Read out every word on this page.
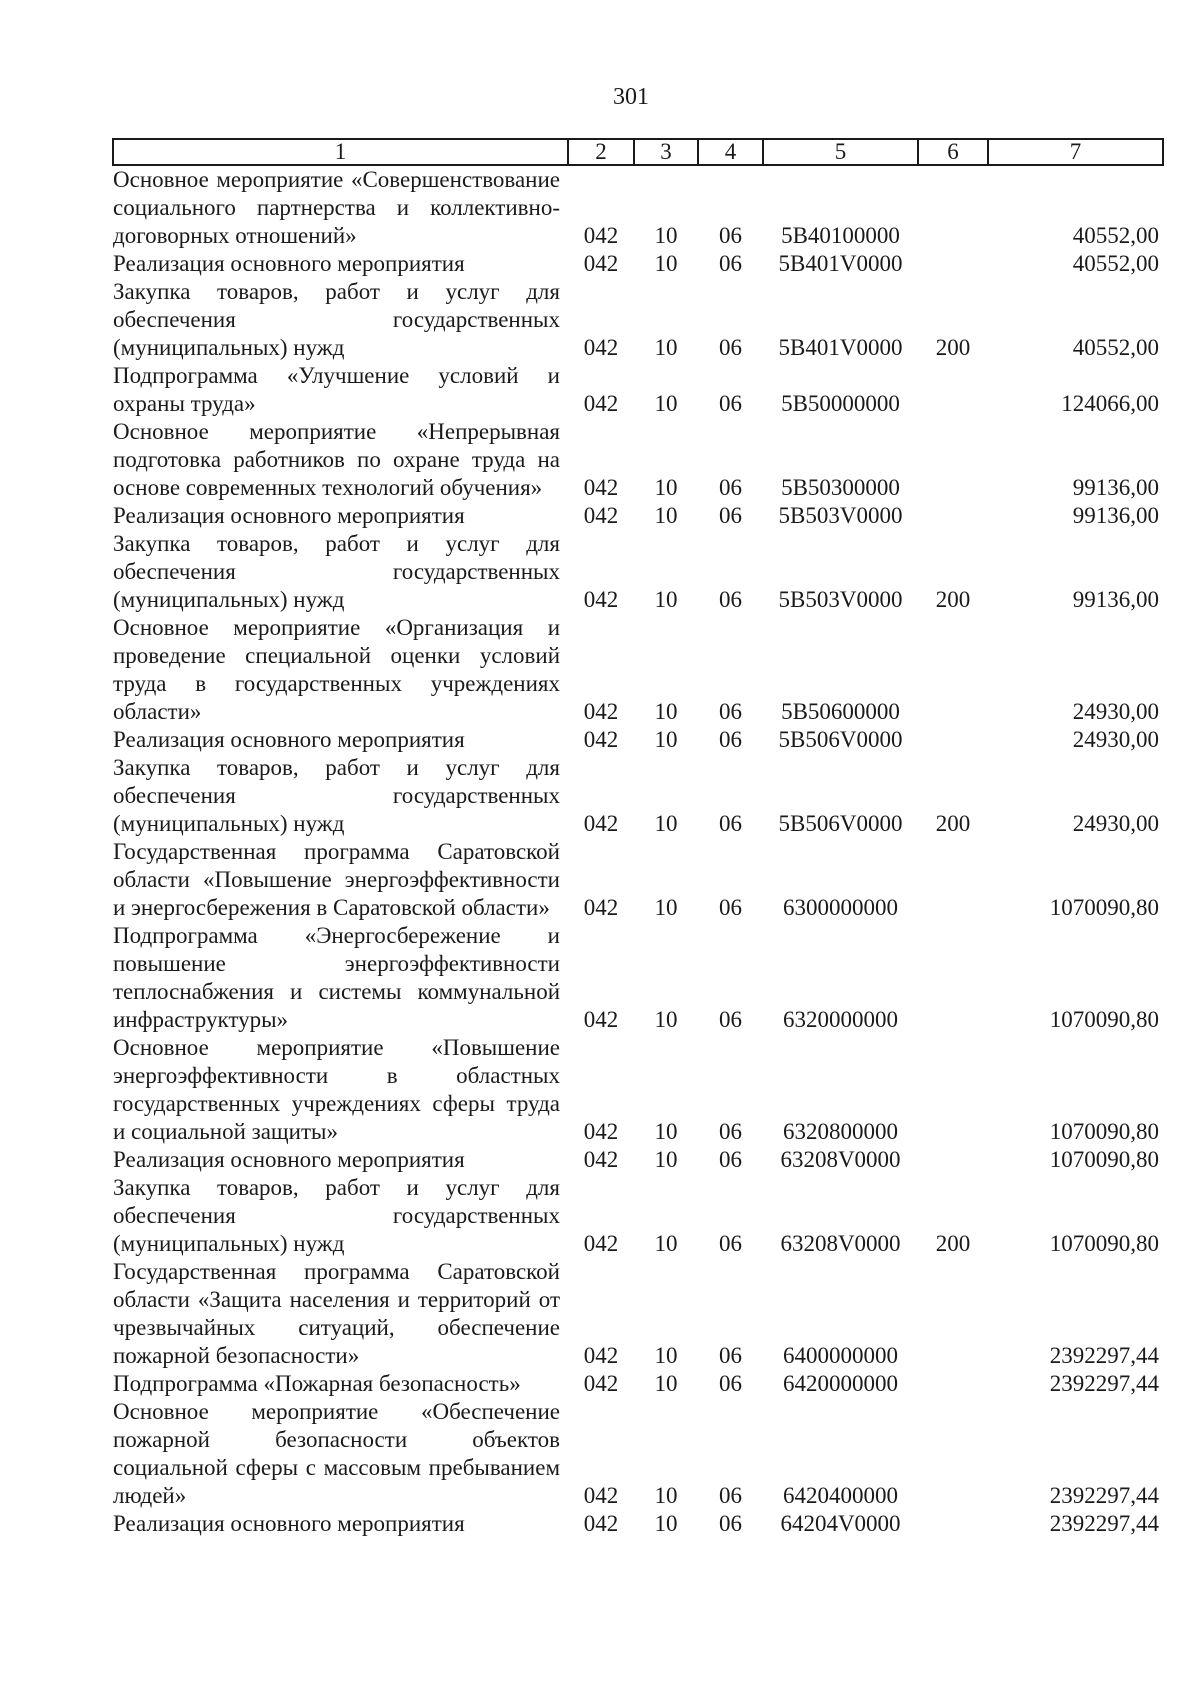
301
1	2	3	4	5	6	7
Основное мероприятие «Совершенствование социального партнерства и коллективно-договорных отношений»	042	10	06	5B40100000		40552,00
Реализация основного мероприятия	042	10	06	5B401V0000		40552,00
Закупка товаров, работ и услуг для обеспечения государственных (муниципальных) нужд	042	10	06	5B401V0000	200	40552,00
Подпрограмма «Улучшение условий и охраны труда»	042	10	06	5B50000000		124066,00
Основное мероприятие «Непрерывная подготовка работников по охране труда на основе современных технологий обучения»	042	10	06	5B50300000		99136,00
Реализация основного мероприятия	042	10	06	5B503V0000		99136,00
Закупка товаров, работ и услуг для обеспечения государственных (муниципальных) нужд	042	10	06	5B503V0000	200	99136,00
Основное мероприятие «Организация и проведение специальной оценки условий труда в государственных учреждениях области»	042	10	06	5B50600000		24930,00
Реализация основного мероприятия	042	10	06	5B506V0000		24930,00
Закупка товаров, работ и услуг для обеспечения государственных (муниципальных) нужд	042	10	06	5B506V0000	200	24930,00
Государственная программа Саратовской области «Повышение энергоэффективности и энергосбережения в Саратовской области»	042	10	06	6300000000		1070090,80
Подпрограмма «Энергосбережение и повышение энергоэффективности теплоснабжения и системы коммунальной инфраструктуры»	042	10	06	6320000000		1070090,80
Основное мероприятие «Повышение энергоэффективности в областных государственных учреждениях сферы труда и социальной защиты»	042	10	06	6320800000		1070090,80
Реализация основного мероприятия	042	10	06	63208V0000		1070090,80
Закупка товаров, работ и услуг для обеспечения государственных (муниципальных) нужд	042	10	06	63208V0000	200	1070090,80
Государственная программа Саратовской области «Защита населения и территорий от чрезвычайных ситуаций, обеспечение пожарной безопасности»	042	10	06	6400000000		2392297,44
Подпрограмма «Пожарная безопасность»	042	10	06	6420000000		2392297,44
Основное мероприятие «Обеспечение пожарной безопасности объектов социальной сферы с массовым пребыванием людей»	042	10	06	6420400000		2392297,44
Реализация основного мероприятия	042	10	06	64204V0000		2392297,44
